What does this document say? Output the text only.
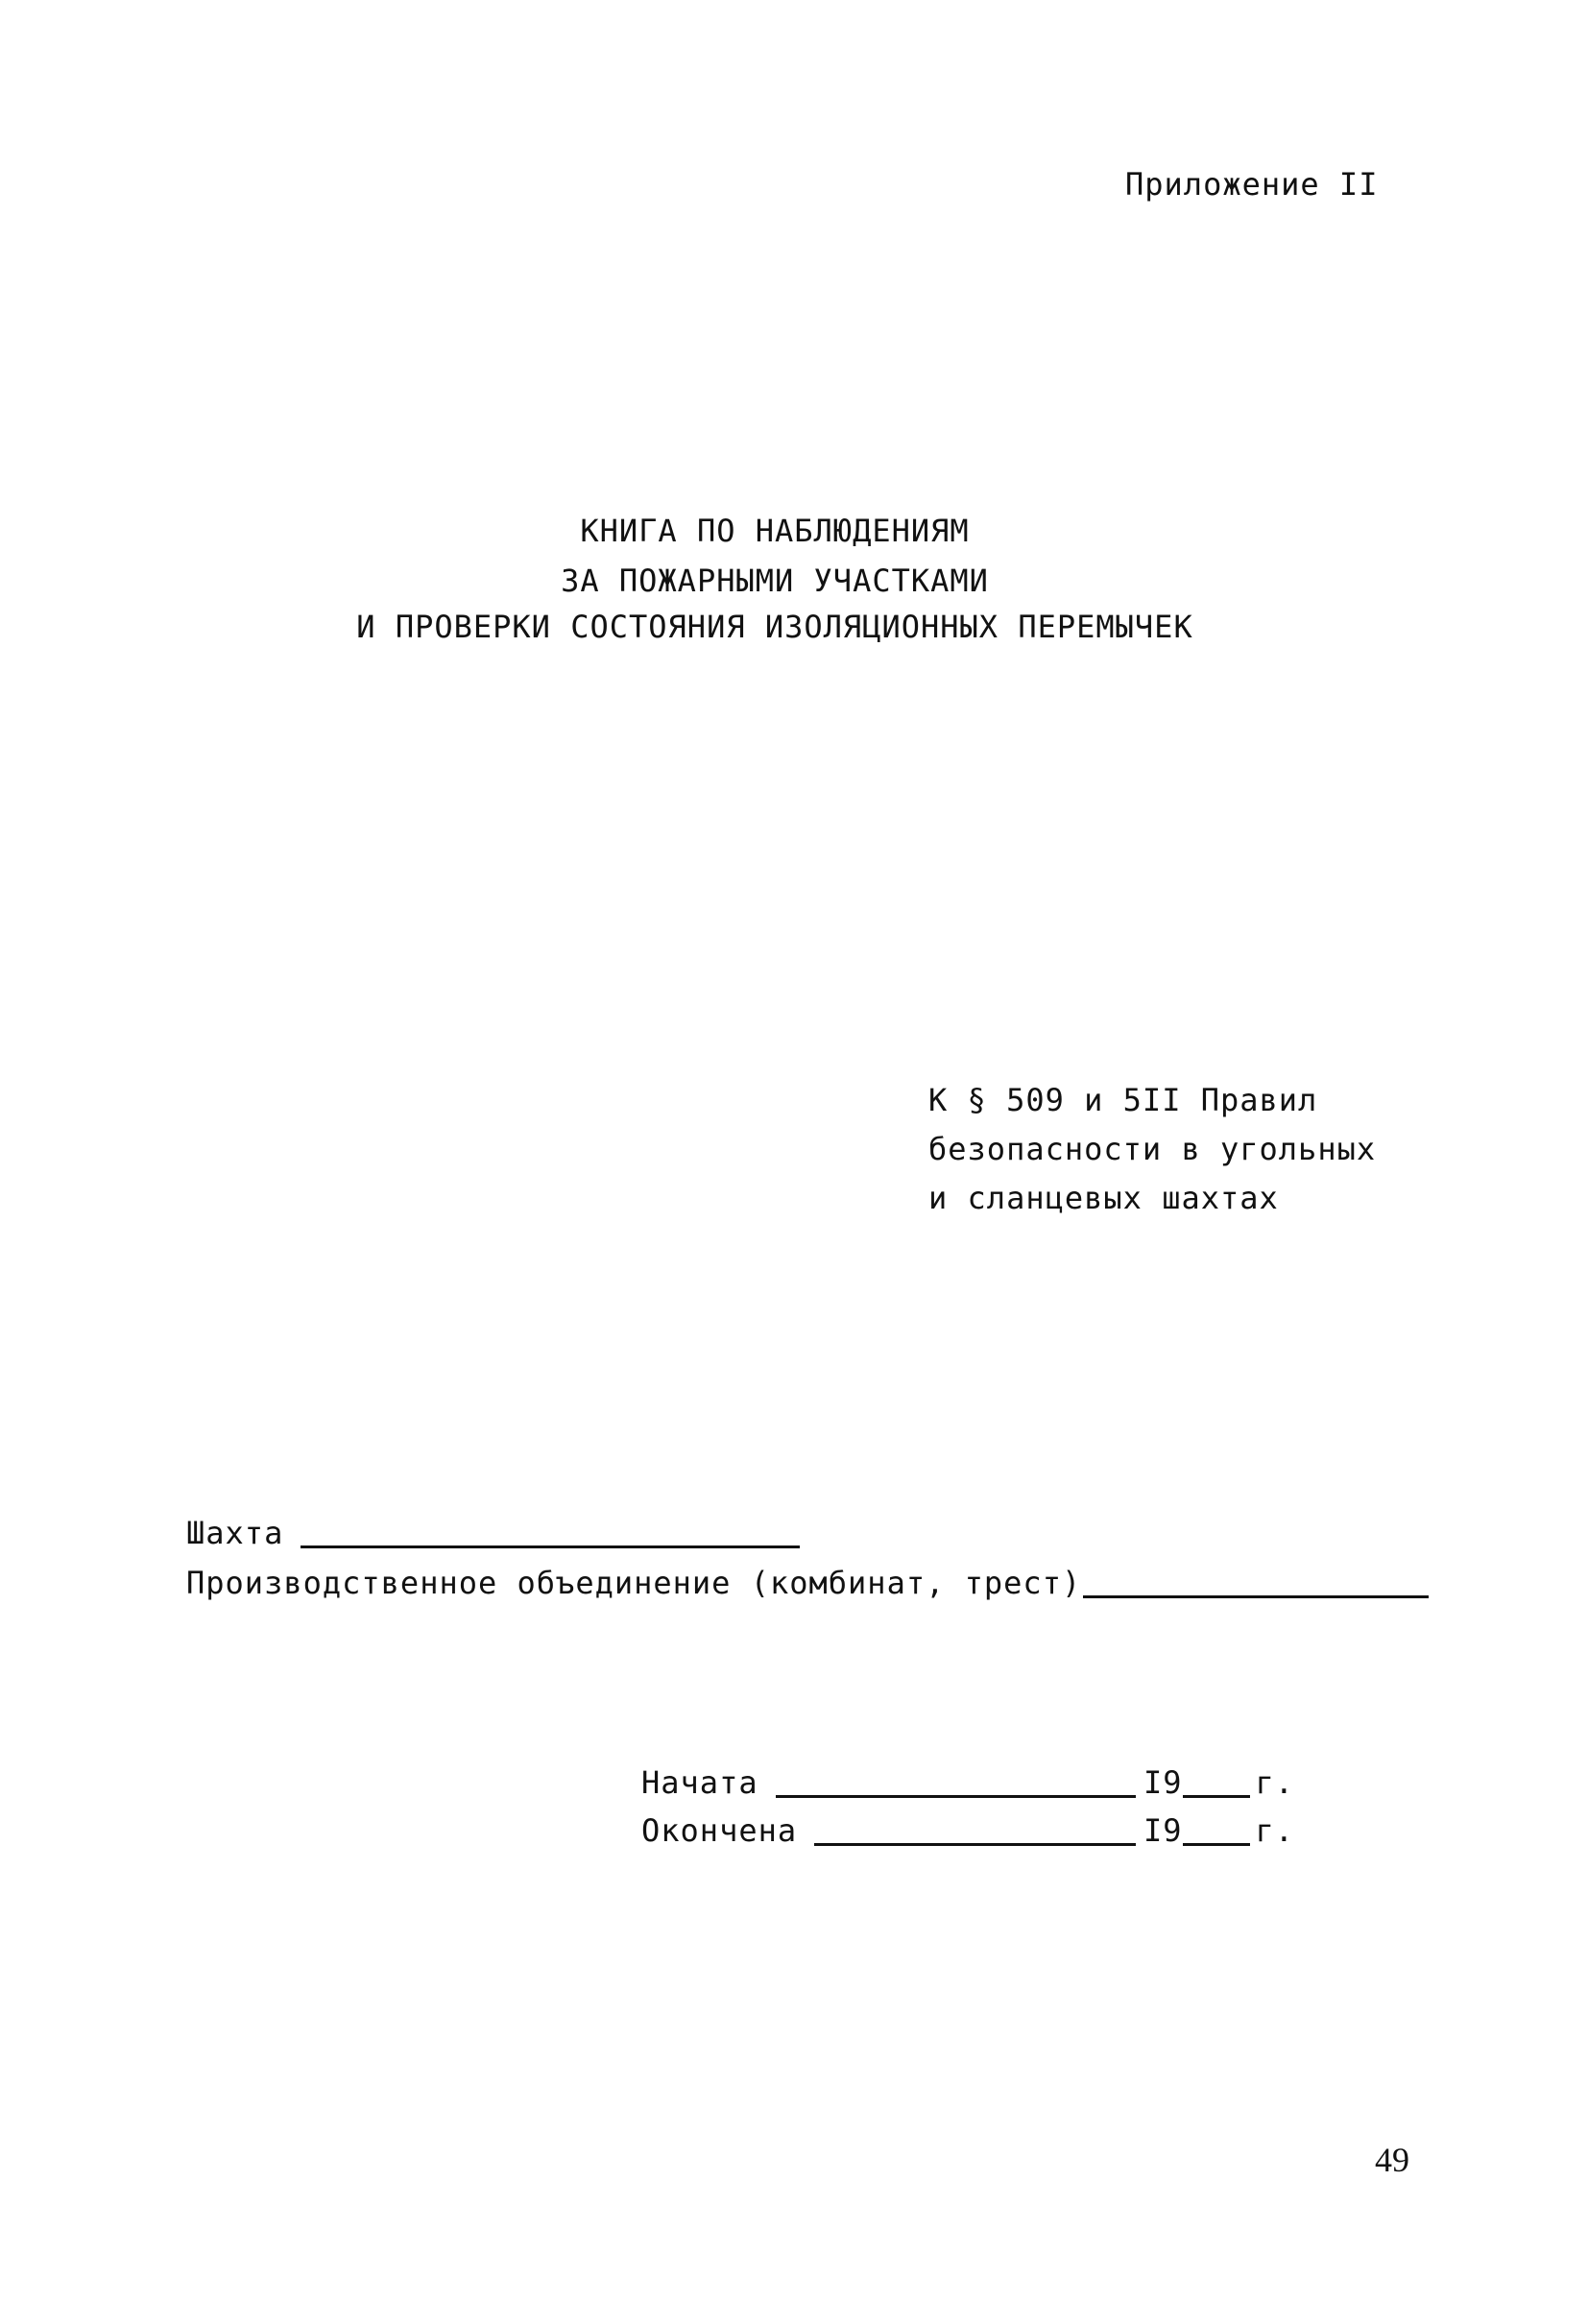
Приложение II
КНИГА ПО НАБЛЮДЕНИЯМ
ЗА ПОЖАРНЫМИ УЧАСТКАМИ
И ПРОВЕРКИ СОСТОЯНИЯ ИЗОЛЯЦИОННЫХ ПЕРЕМЫЧЕК
К § 509 и 5II Правил
безопасности в угольных
и сланцевых шахтах
Шахта
Производственное объединение (комбинат, трест)
Начата	I9 г.
Окончена	I9 г.
49
